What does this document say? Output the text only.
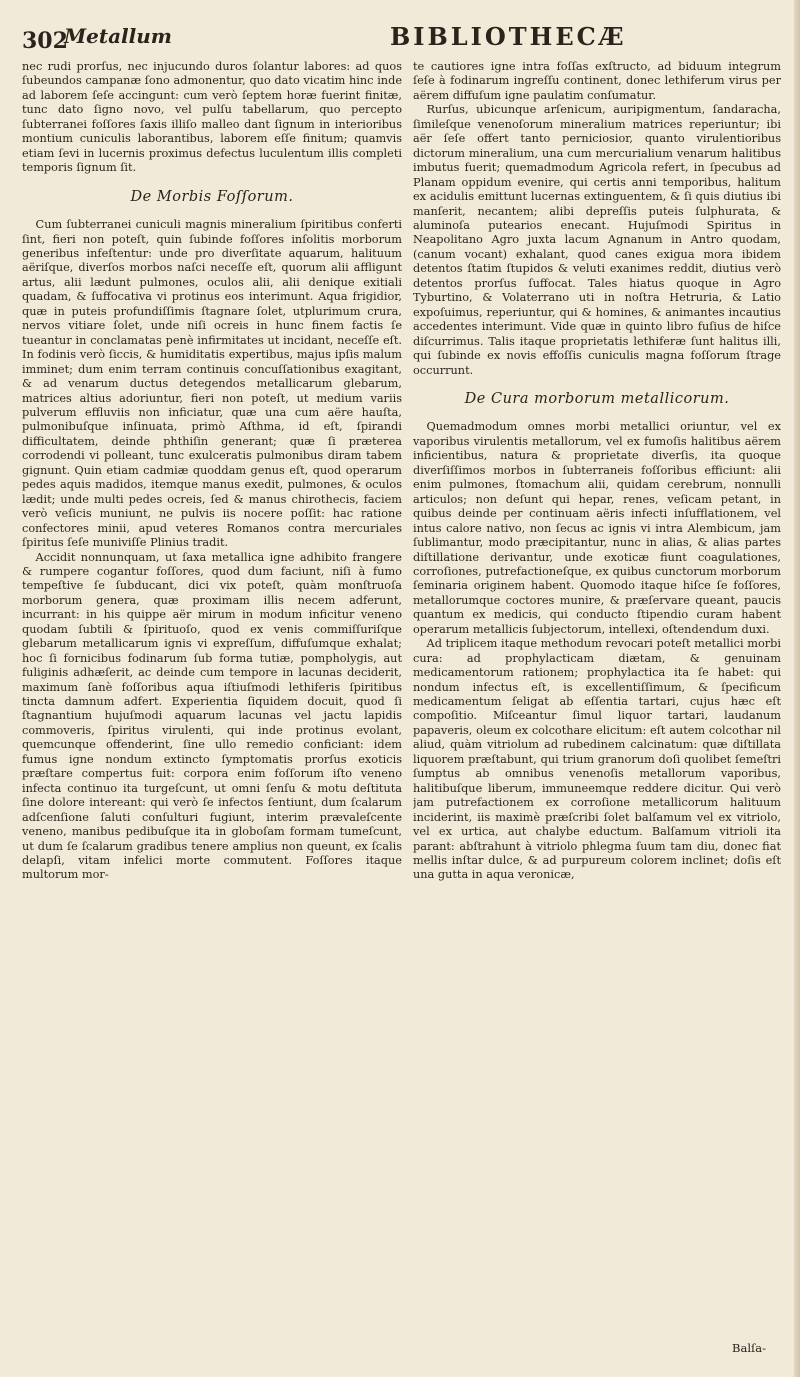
302
Metallum	BIBLIOTHECÆ

nec rudi prorſus, nec injucundo duros ſolantur labores: ad quos ſubeundos campanæ ſono admonentur, quo dato vicatim hinc inde ad laborem ſeſe accingunt: cum verò ſeptem horæ fuerint finitæ, tunc dato ſigno novo, vel pulſu tabellarum, quo percepto ſubterranei foſſores ſaxis illiſo malleo dant ſignum in interioribus montium cuniculis laborantibus, laborem eſſe finitum; quamvis etiam ſevi in lucernis proximus defectus luculentum illis completi temporis ſignum ſit.

De Morbis Foſſorum.

Cum ſubterranei cuniculi magnis mineralium ſpiritibus conferti ſint, fieri non poteſt, quin ſubinde foſſores inſolitis morborum generibus infeſtentur: unde pro diverſitate aquarum, halituum aëriſque, diverſos morbos naſci neceſſe eſt, quorum alii affligunt artus, alii lædunt pulmones, oculos alii, alii denique exitiali quadam, & ſuffocativa vi protinus eos interimunt. Aqua frigidior, quæ in puteis profundiſſimis ſtagnare ſolet, utplurimum crura, nervos vitiare ſolet, unde niſi ocreis in hunc finem factis ſe tueantur in conclamatas penè infirmitates ut incidant, neceſſe eſt. In fodinis verò ſiccis, & humiditatis expertibus, majus ipſis malum imminet; dum enim terram continuis concuſſationibus exagitant, & ad venarum ductus detegendos metallicarum glebarum, matrices altius adoriuntur, fieri non poteſt, ut medium variis pulverum effluviis non inficiatur, quæ una cum aëre hauſta, pulmonibuſque inſinuata, primò Aſthma, id eſt, ſpirandi difficultatem, deinde phthiſin generant; quæ ſi præterea corrodendi vi polleant, tunc exulceratis pulmonibus diram tabem gignunt. Quin etiam cadmiæ quoddam genus eſt, quod operarum pedes aquis madidos, itemque manus exedit, pulmones, & oculos lædit; unde multi pedes ocreis, ſed & manus chirothecis, faciem verò veſicis muniunt, ne pulvis iis nocere poſſit: hac ratione confectores minii, apud veteres Romanos contra mercuriales ſpiritus ſeſe muniviſſe Plinius tradit.

Accidit nonnunquam, ut ſaxa metallica igne adhibito frangere & rumpere cogantur foſſores, quod dum faciunt, niſi à fumo tempeſtive ſe ſubducant, dici vix poteſt, quàm monſtruoſa morborum genera, quæ proximam illis necem adferunt, incurrant: in his quippe aër mirum in modum inficitur veneno quodam ſubtili & ſpirituoſo, quod ex venis commiſſuriſque glebarum metallicarum ignis vi expreſſum, diffuſumque exhalat; hoc ſi fornicibus fodinarum ſub forma tutiæ, pompholygis, aut fuliginis adhæſerit, ac deinde cum tempore in lacunas deciderit, maximum ſanè foſſoribus aqua iſtiuſmodi lethiferis ſpiritibus tincta damnum adfert. Experientia ſiquidem docuit, quod ſi ſtagnantium hujuſmodi aquarum lacunas vel jactu lapidis commoveris, ſpiritus virulenti, qui inde protinus evolant, quemcunque offenderint, ſine ullo remedio conficiant: idem fumus igne nondum extincto ſymptomatis prorſus exoticis præſtare compertus fuit: corpora enim foſſorum iſto veneno infecta continuo ita turgeſcunt, ut omni ſenſu & motu deſtituta ſine dolore intereant: qui verò ſe infectos ſentiunt, dum ſcalarum adſcenſione ſaluti conſulturi fugiunt, interim prævaleſcente veneno, manibus pedibuſque ita in globoſam formam tumeſcunt, ut dum ſe ſcalarum gradibus tenere amplius non queunt, ex ſcalis delapſi, vitam infelici morte commutent. Foſſores itaque multorum mor-

te cautiores igne intra foſſas exſtructo, ad biduum integrum ſeſe à fodinarum ingreſſu continent, donec lethiferum virus per aërem diffuſum igne paulatim conſumatur.

Rurſus, ubicunque arſenicum, auripigmentum, ſandaracha, ſimileſque venenoſorum mineralium matrices reperiuntur; ibi aër ſeſe offert tanto perniciosior, quanto virulentioribus dictorum mineralium, una cum mercurialium venarum halitibus imbutus fuerit; quemadmodum Agricola refert, in ſpecubus ad Planam oppidum evenire, qui certis anni temporibus, halitum ex acidulis emittunt lucernas extinguentem, & ſi quis diutius ibi manſerit, necantem; alibi depreſſis puteis ſulphurata, & aluminoſa putearios enecant. Hujuſmodi Spiritus in Neapolitano Agro juxta lacum Agnanum in Antro quodam, (canum vocant) exhalant, quod canes exigua mora ibidem detentos ſtatim ſtupidos & veluti exanimes reddit, diutius verò detentos prorſus ſuffocat. Tales hiatus quoque in Agro Tyburtino, & Volaterrano uti in noſtra Hetruria, & Latio expoſuimus, reperiuntur, qui & homines, & animantes incautius accedentes interimunt. Vide quæ in quinto libro fuſius de hiſce diſcurrimus. Talis itaque proprietatis lethiferæ ſunt halitus illi, qui ſubinde ex novis effoſſis cuniculis magna foſſorum ſtrage occurrunt.

De Cura morborum metallicorum.

Quemadmodum omnes morbi metallici oriuntur, vel ex vaporibus virulentis metallorum, vel ex fumoſis halitibus aërem inficientibus, natura & proprietate diverſis, ita quoque diverſiſſimos morbos in ſubterraneis foſſoribus efficiunt: alii enim pulmones, ſtomachum alii, quidam cerebrum, nonnulli articulos; non deſunt qui hepar, renes, veſicam petant, in quibus deinde per continuam aëris infecti inſufflationem, vel intus calore nativo, non ſecus ac ignis vi intra Alembicum, jam ſublimantur, modo præcipitantur, nunc in alias, & alias partes diſtillatione derivantur, unde exoticæ fiunt coagulationes, corroſiones, putrefactioneſque, ex quibus cunctorum morborum ſeminaria originem habent. Quomodo itaque hiſce ſe foſſores, metallorumque coctores munire, & præſervare queant, paucis quantum ex medicis, qui conducto ſtipendio curam habent operarum metallicis ſubjectorum, intellexi, oſtendendum duxi.

Ad triplicem itaque methodum revocari poteſt metallici morbi cura: ad prophylacticam diætam, & genuinam medicamentorum rationem; prophylactica ita ſe habet: qui nondum infectus eſt, is excellentiſſimum, & ſpecificum medicamentum ſeligat ab eſſentia tartari, cujus hæc eſt compoſitio. Miſceantur ſimul liquor tartari, laudanum papaveris, oleum ex colcothare elicitum: eſt autem colcothar nil aliud, quàm vitriolum ad rubedinem calcinatum: quæ diſtillata liquorem præſtabunt, qui trium granorum doſi quolibet ſemeſtri ſumptus ab omnibus venenoſis metallorum vaporibus, halitibuſque liberum, immuneemque reddere dicitur. Qui verò jam putrefactionem ex corroſione metallicorum halituum inciderint, iis maximè præſcribi ſolet balſamum vel ex vitriolo, vel ex urtica, aut chalybe eductum. Balſamum vitrioli ita parant: abſtrahunt à vitriolo phlegma ſuum tam diu, donec fiat mellis inſtar dulce, & ad purpureum colorem inclinet; doſis eſt una gutta in aqua veronicæ,

Balſa-
